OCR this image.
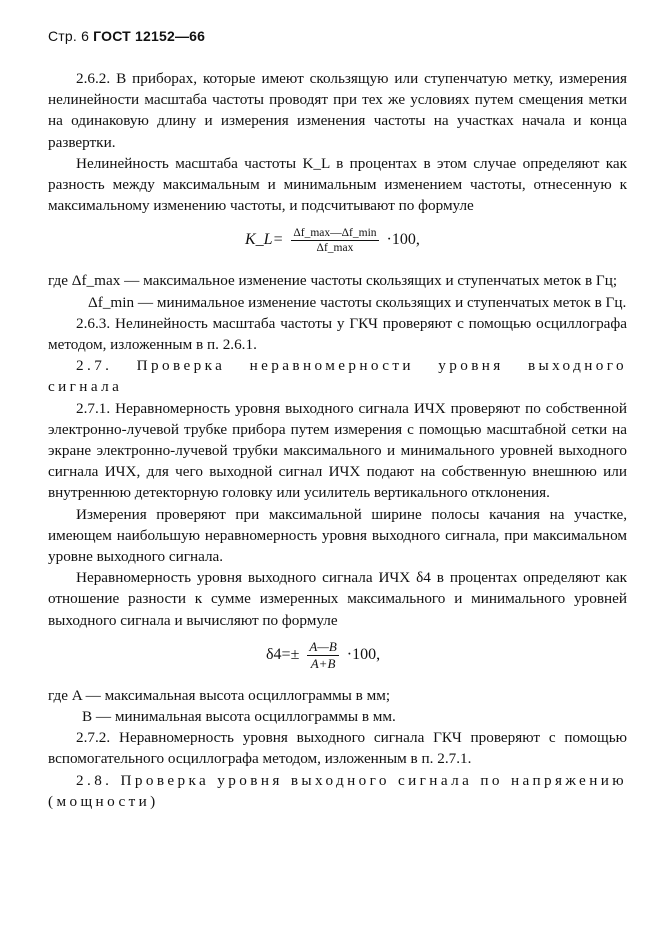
Стр. 6 ГОСТ 12152—66

2.6.2. В приборах, которые имеют скользящую или ступенчатую метку, измерения нелинейности масштаба частоты проводят при тех же условиях путем смещения метки на одинаковую длину и измерения изменения частоты на участках начала и конца развертки.

Нелинейность масштаба частоты K_L в процентах в этом случае определяют как разность между максимальным и минимальным изменением частоты, отнесенную к максимальному изменению частоты, и подсчитывают по формуле

K_L= $\frac{\Delta f\_\max—\Delta f\_\min}{\Delta f\_\max} \cdot 100$,

где Δf_max — максимальное изменение частоты скользящих и ступенчатых меток в Гц;

Δf_min — минимальное изменение частоты скользящих и ступенчатых меток в Гц.

2.6.3. Нелинейность масштаба частоты у ГКЧ проверяют с помощью осциллографа методом, изложенным в п. 2.6.1.

2.7. Проверка неравномерности уровня выходного сигнала

2.7.1. Неравномерность уровня выходного сигнала ИЧХ проверяют по собственной электронно-лучевой трубке прибора путем измерения с помощью масштабной сетки на экране электронно-лучевой трубки максимального и минимального уровней выходного сигнала ИЧХ, для чего выходной сигнал ИЧХ подают на собственную внешнюю или внутреннюю детекторную головку или усилитель вертикального отклонения.

Измерения проверяют при максимальной ширине полосы качания на участке, имеющем наибольшую неравномерность уровня выходного сигнала, при максимальном уровне выходного сигнала.

Неравномерность уровня выходного сигнала ИЧХ δ4 в процентах определяют как отношение разности к сумме измеренных максимального и минимального уровней выходного сигнала и вычисляют по формуле

$\delta 4=\pm \frac{A—B}{A+B} \cdot 100$,

где A — максимальная высота осциллограммы в мм;

B — минимальная высота осциллограммы в мм.

2.7.2. Неравномерность уровня выходного сигнала ГКЧ проверяют с помощью вспомогательного осциллографа методом, изложенным в п. 2.7.1.

2.8. Проверка уровня выходного сигнала по напряжению (мощности)
